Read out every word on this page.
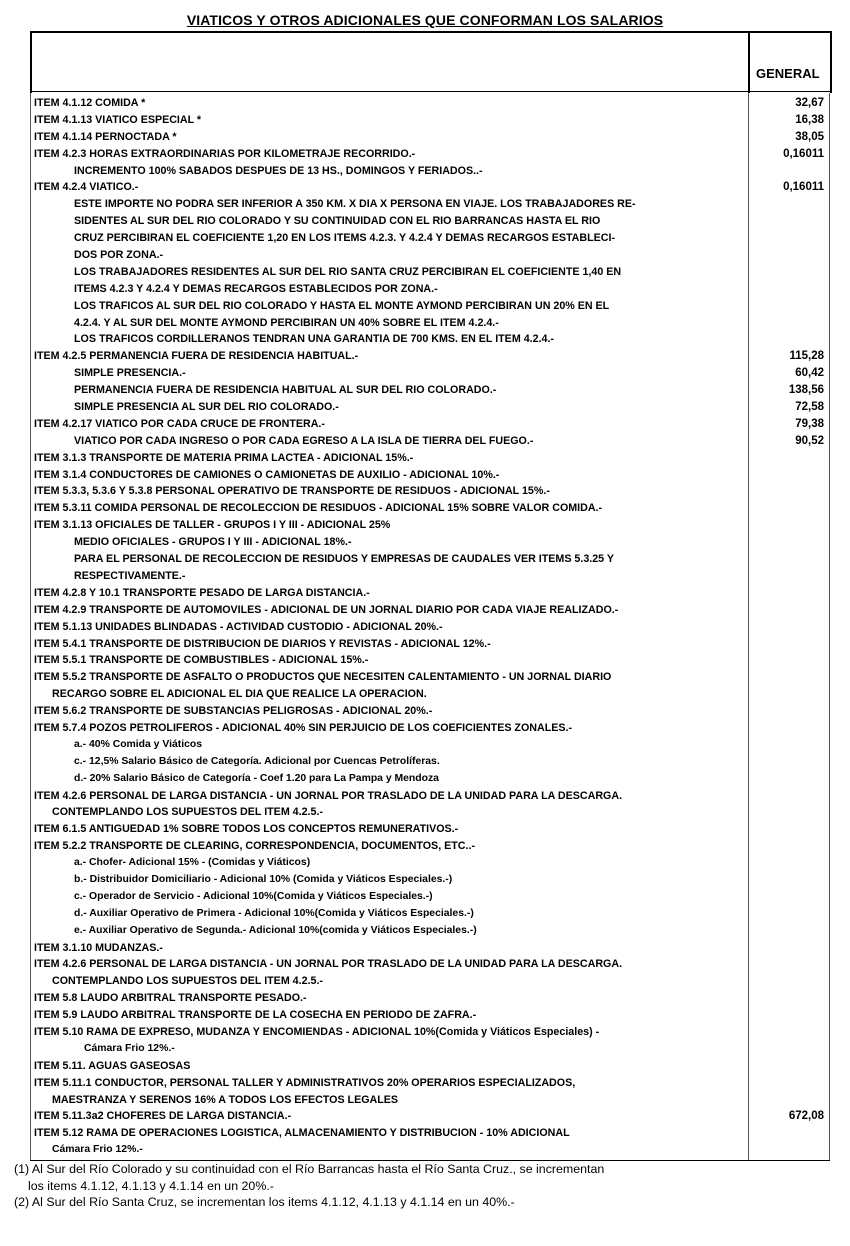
VIATICOS Y OTROS ADICIONALES QUE CONFORMAN LOS SALARIOS
GENERAL
ITEM 4.1.12 COMIDA *	32,67
ITEM 4.1.13 VIATICO ESPECIAL *	16,38
ITEM 4.1.14 PERNOCTADA *	38,05
ITEM 4.2.3 HORAS EXTRAORDINARIAS POR KILOMETRAJE RECORRIDO.-	0,16011
INCREMENTO 100% SABADOS DESPUES DE 13 HS., DOMINGOS Y FERIADOS..-
ITEM 4.2.4 VIATICO.-	0,16011
ESTE IMPORTE NO PODRA SER INFERIOR A 350 KM. X DIA X PERSONA EN VIAJE. LOS TRABAJADORES RE-
SIDENTES AL SUR DEL RIO COLORADO Y SU CONTINUIDAD CON EL RIO BARRANCAS HASTA EL RIO
CRUZ PERCIBIRAN EL COEFICIENTE 1,20 EN LOS ITEMS 4.2.3. Y 4.2.4 Y DEMAS RECARGOS ESTABLECI-
DOS POR ZONA.-
LOS TRABAJADORES RESIDENTES AL SUR DEL RIO SANTA CRUZ PERCIBIRAN EL COEFICIENTE 1,40 EN
ITEMS 4.2.3 Y 4.2.4 Y DEMAS RECARGOS ESTABLECIDOS POR ZONA.-
LOS TRAFICOS AL SUR DEL RIO COLORADO Y HASTA EL MONTE AYMOND PERCIBIRAN UN 20% EN EL
4.2.4. Y AL SUR DEL MONTE AYMOND PERCIBIRAN UN 40% SOBRE EL ITEM 4.2.4.-
LOS TRAFICOS CORDILLERANOS TENDRAN UNA GARANTIA DE 700 KMS. EN EL ITEM 4.2.4.-
ITEM 4.2.5 PERMANENCIA FUERA DE RESIDENCIA HABITUAL.-	115,28
SIMPLE PRESENCIA.-	60,42
PERMANENCIA FUERA DE RESIDENCIA HABITUAL AL SUR DEL RIO COLORADO.-	138,56
SIMPLE PRESENCIA AL SUR DEL RIO COLORADO.-	72,58
ITEM 4.2.17 VIATICO POR CADA CRUCE DE FRONTERA.-	79,38
VIATICO POR CADA INGRESO O POR CADA EGRESO A LA ISLA DE TIERRA DEL FUEGO.-	90,52
ITEM 3.1.3 TRANSPORTE DE MATERIA PRIMA LACTEA - ADICIONAL 15%.-
ITEM 3.1.4 CONDUCTORES DE CAMIONES O CAMIONETAS DE AUXILIO - ADICIONAL 10%.-
ITEM 5.3.3, 5.3.6 Y 5.3.8 PERSONAL OPERATIVO DE TRANSPORTE DE RESIDUOS - ADICIONAL 15%.-
ITEM 5.3.11 COMIDA PERSONAL DE RECOLECCION DE RESIDUOS - ADICIONAL 15% SOBRE VALOR COMIDA.-
ITEM 3.1.13 OFICIALES DE TALLER - GRUPOS I Y III - ADICIONAL 25%
MEDIO OFICIALES - GRUPOS I Y III - ADICIONAL 18%.-
PARA EL PERSONAL DE RECOLECCION DE RESIDUOS Y EMPRESAS DE CAUDALES VER ITEMS 5.3.25 Y
RESPECTIVAMENTE.-
ITEM 4.2.8 Y 10.1 TRANSPORTE PESADO DE LARGA DISTANCIA.-
ITEM 4.2.9 TRANSPORTE DE AUTOMOVILES - ADICIONAL DE UN JORNAL DIARIO POR CADA VIAJE REALIZADO.-
ITEM 5.1.13 UNIDADES BLINDADAS - ACTIVIDAD CUSTODIO - ADICIONAL 20%.-
ITEM 5.4.1 TRANSPORTE DE DISTRIBUCION DE DIARIOS Y REVISTAS - ADICIONAL 12%.-
ITEM 5.5.1 TRANSPORTE DE COMBUSTIBLES - ADICIONAL 15%.-
ITEM 5.5.2 TRANSPORTE DE ASFALTO O PRODUCTOS QUE NECESITEN CALENTAMIENTO - UN JORNAL DIARIO
RECARGO SOBRE EL ADICIONAL EL DIA QUE REALICE LA OPERACION.
ITEM 5.6.2 TRANSPORTE DE SUBSTANCIAS PELIGROSAS - ADICIONAL 20%.-
ITEM 5.7.4 POZOS PETROLIFEROS - ADICIONAL 40% SIN PERJUICIO DE LOS COEFICIENTES ZONALES.-
a.- 40% Comida y Viáticos
c.- 12,5% Salario Básico de Categoría. Adicional por Cuencas Petrolíferas.
d.- 20% Salario Básico de Categoría - Coef 1.20 para La Pampa y Mendoza
ITEM 4.2.6 PERSONAL DE LARGA DISTANCIA - UN JORNAL POR TRASLADO DE LA UNIDAD PARA LA DESCARGA.
CONTEMPLANDO LOS SUPUESTOS DEL ITEM 4.2.5.-
ITEM 6.1.5 ANTIGUEDAD 1% SOBRE TODOS LOS CONCEPTOS REMUNERATIVOS.-
ITEM 5.2.2 TRANSPORTE DE CLEARING, CORRESPONDENCIA, DOCUMENTOS, ETC..-
a.- Chofer- Adicional 15% - (Comidas y Viáticos)
b.- Distribuidor Domiciliario - Adicional 10% (Comida y Viáticos Especiales.-)
c.- Operador de Servicio - Adicional 10%(Comida y Viáticos Especiales.-)
d.- Auxiliar Operativo de Primera - Adicional 10%(Comida y Viáticos Especiales.-)
e.- Auxiliar Operativo de Segunda.- Adicional 10%(comida y Viáticos Especiales.-)
ITEM 3.1.10 MUDANZAS.-
ITEM 4.2.6 PERSONAL DE LARGA DISTANCIA - UN JORNAL POR TRASLADO DE LA UNIDAD PARA LA DESCARGA.
CONTEMPLANDO LOS SUPUESTOS DEL ITEM 4.2.5.-
ITEM 5.8 LAUDO ARBITRAL TRANSPORTE PESADO.-
ITEM 5.9 LAUDO ARBITRAL TRANSPORTE DE LA COSECHA EN PERIODO DE ZAFRA.-
ITEM 5.10 RAMA DE EXPRESO, MUDANZA Y ENCOMIENDAS - ADICIONAL 10%(Comida y Viáticos Especiales) -
Cámara Frio 12%.-
ITEM 5.11. AGUAS GASEOSAS
ITEM 5.11.1 CONDUCTOR, PERSONAL TALLER Y ADMINISTRATIVOS 20% OPERARIOS ESPECIALIZADOS,
MAESTRANZA Y SERENOS 16% A TODOS LOS EFECTOS LEGALES
ITEM 5.11.3a2 CHOFERES DE LARGA DISTANCIA.-	672,08
ITEM 5.12 RAMA DE OPERACIONES LOGISTICA, ALMACENAMIENTO Y DISTRIBUCION - 10% ADICIONAL
Cámara Frio 12%.-
(1) Al Sur del Río Colorado y su continuidad con el Río Barrancas hasta el Río Santa Cruz., se incrementan
los items 4.1.12, 4.1.13 y 4.1.14 en un 20%.-
(2) Al Sur del Río Santa Cruz, se incrementan los items 4.1.12, 4.1.13 y 4.1.14 en un 40%.-
